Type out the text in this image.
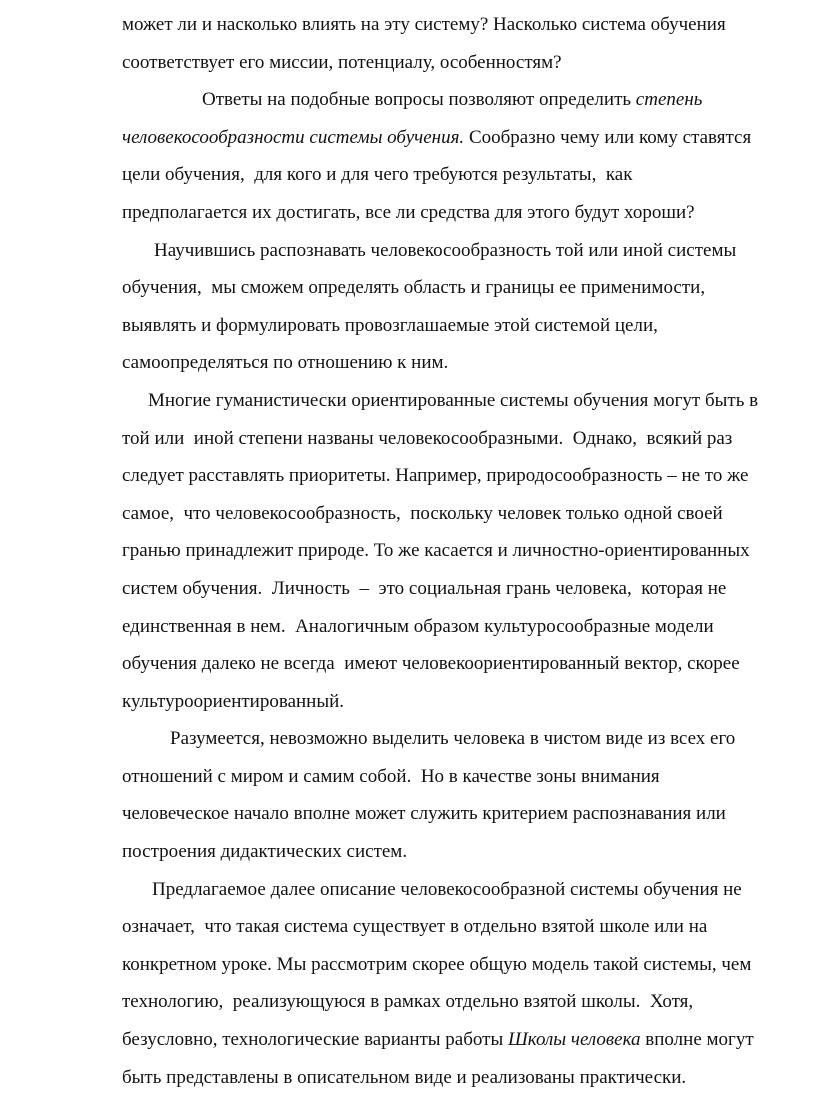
может ли и насколько влиять на эту систему? Насколько система обучения
соответствует его миссии, потенциалу, особенностям?
Ответы на подобные вопросы позволяют определить степень
человекосообразности системы обучения. Сообразно чему или кому ставятся
цели обучения,  для кого и для чего требуются результаты,  как
предполагается их достигать, все ли средства для этого будут хороши?
Научившись распознавать человекосообразность той или иной системы
обучения,  мы сможем определять область и границы ее применимости,
выявлять и формулировать провозглашаемые этой системой цели,
самоопределяться по отношению к ним.
Многие гуманистически ориентированные системы обучения могут быть в
той или  иной степени названы человекосообразными.  Однако,  всякий раз
следует расставлять приоритеты. Например, природосообразность – не то же
самое,  что человекосообразность,  поскольку человек только одной своей
гранью принадлежит природе. То же касается и личностно-ориентированных
систем обучения.  Личность  –  это социальная грань человека,  которая не
единственная в нем.  Аналогичным образом культуросообразные модели
обучения далеко не всегда  имеют человекоориентированный вектор, скорее
культуроориентированный.
Разумеется, невозможно выделить человека в чистом виде из всех его
отношений с миром и самим собой.  Но в качестве зоны внимания
человеческое начало вполне может служить критерием распознавания или
построения дидактических систем.
Предлагаемое далее описание человекосообразной системы обучения не
означает,  что такая система существует в отдельно взятой школе или на
конкретном уроке. Мы рассмотрим скорее общую модель такой системы, чем
технологию,  реализующуюся в рамках отдельно взятой школы.  Хотя,
безусловно, технологические варианты работы Школы человека вполне могут
быть представлены в описательном виде и реализованы практически.
